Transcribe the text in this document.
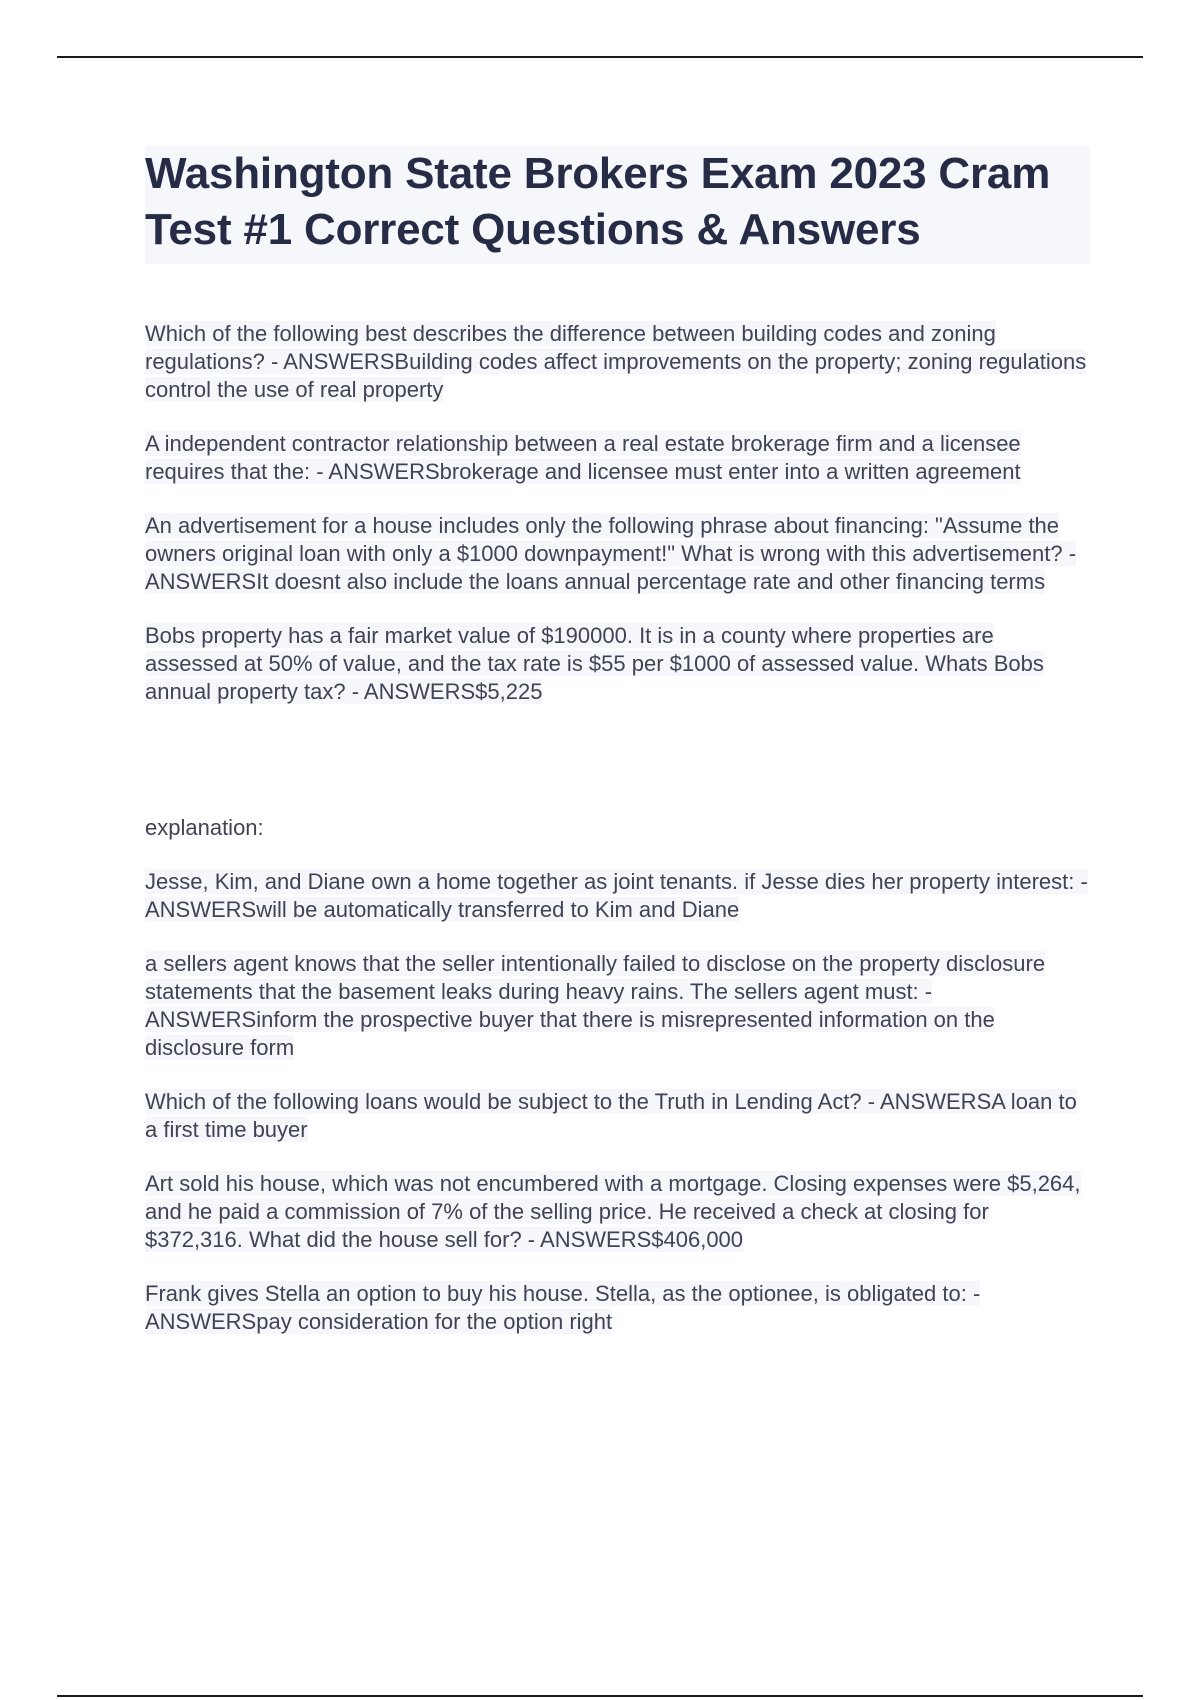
Washington State Brokers Exam 2023 Cram Test #1 Correct Questions & Answers

Which of the following best describes the difference between building codes and zoning regulations? - ANSWERSBuilding codes affect improvements on the property; zoning regulations control the use of real property

A independent contractor relationship between a real estate brokerage firm and a licensee requires that the: - ANSWERSbrokerage and licensee must enter into a written agreement

An advertisement for a house includes only the following phrase about financing: "Assume the owners original loan with only a $1000 downpayment!" What is wrong with this advertisement? - ANSWERSIt doesnt also include the loans annual percentage rate and other financing terms

Bobs property has a fair market value of $190000. It is in a county where properties are assessed at 50% of value, and the tax rate is $55 per $1000 of assessed value. Whats Bobs annual property tax? - ANSWERS$5,225

explanation:

Jesse, Kim, and Diane own a home together as joint tenants. if Jesse dies her property interest: - ANSWERSwill be automatically transferred to Kim and Diane

a sellers agent knows that the seller intentionally failed to disclose on the property disclosure statements that the basement leaks during heavy rains. The sellers agent must: - ANSWERSinform the prospective buyer that there is misrepresented information on the disclosure form

Which of the following loans would be subject to the Truth in Lending Act? - ANSWERSA loan to a first time buyer

Art sold his house, which was not encumbered with a mortgage. Closing expenses were $5,264, and he paid a commission of 7% of the selling price. He received a check at closing for $372,316. What did the house sell for? - ANSWERS$406,000

Frank gives Stella an option to buy his house. Stella, as the optionee, is obligated to: - ANSWERSpay consideration for the option right
